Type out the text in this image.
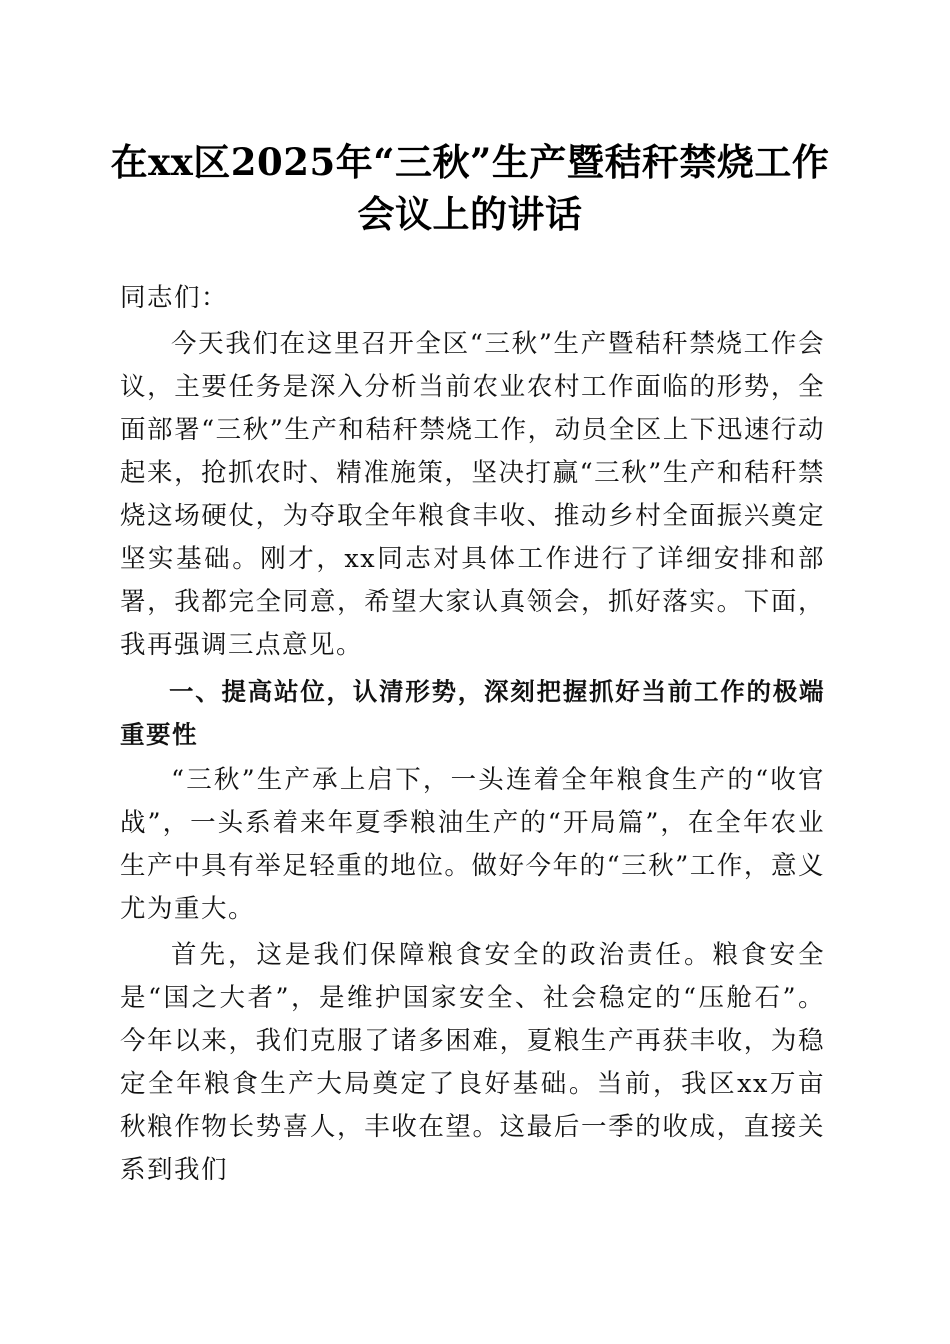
在xx区2025年“三秋”生产暨秸秆禁烧工作
会议上的讲话

同志们：

今天我们在这里召开全区“三秋”生产暨秸秆禁烧工作会议，主要任务是深入分析当前农业农村工作面临的形势，全面部署“三秋”生产和秸秆禁烧工作，动员全区上下迅速行动起来，抢抓农时、精准施策，坚决打赢“三秋”生产和秸秆禁烧这场硬仗，为夺取全年粮食丰收、推动乡村全面振兴奠定坚实基础。刚才，xx同志对具体工作进行了详细安排和部署，我都完全同意，希望大家认真领会，抓好落实。下面，我再强调三点意见。

一、提高站位，认清形势，深刻把握抓好当前工作的极端重要性

“三秋”生产承上启下，一头连着全年粮食生产的“收官战”，一头系着来年夏季粮油生产的“开局篇”，在全年农业生产中具有举足轻重的地位。做好今年的“三秋”工作，意义尤为重大。

首先，这是我们保障粮食安全的政治责任。粮食安全是“国之大者”，是维护国家安全、社会稳定的“压舱石”。今年以来，我们克服了诸多困难，夏粮生产再获丰收，为稳定全年粮食生产大局奠定了良好基础。当前，我区xx万亩秋粮作物长势喜人，丰收在望。这最后一季的收成，直接关系到我们
